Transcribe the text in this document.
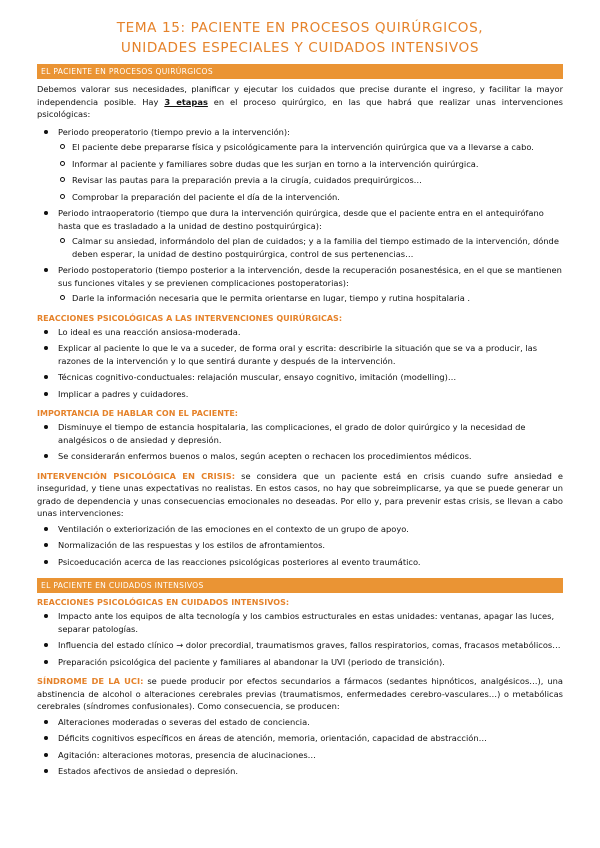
TEMA 15: PACIENTE EN PROCESOS QUIRÚRGICOS,
UNIDADES ESPECIALES Y CUIDADOS INTENSIVOS
EL PACIENTE EN PROCESOS QUIRÚRGICOS

Debemos valorar sus necesidades, planificar y ejecutar los cuidados que precise durante el ingreso, y facilitar la mayor independencia posible. Hay 3 etapas en el proceso quirúrgico, en las que habrá que realizar unas intervenciones psicológicas:

Periodo preoperatorio (tiempo previo a la intervención):
El paciente debe prepararse física y psicológicamente para la intervención quirúrgica que va a llevarse a cabo.
Informar al paciente y familiares sobre dudas que les surjan en torno a la intervención quirúrgica.
Revisar las pautas para la preparación previa a la cirugía, cuidados prequirúrgicos…
Comprobar la preparación del paciente el día de la intervención.
Periodo intraoperatorio (tiempo que dura la intervención quirúrgica, desde que el paciente entra en el antequirófano hasta que es trasladado a la unidad de destino postquirúrgica):
Calmar su ansiedad, informándolo del plan de cuidados; y a la familia del tiempo estimado de la intervención, dónde deben esperar, la unidad de destino postquirúrgica, control de sus pertenencias…
Periodo postoperatorio (tiempo posterior a la intervención, desde la recuperación posanestésica, en el que se mantienen sus funciones vitales y se previenen complicaciones postoperatorias):
Darle la información necesaria que le permita orientarse en lugar, tiempo y rutina hospitalaria .
REACCIONES PSICOLÓGICAS A LAS INTERVENCIONES QUIRÚRGICAS:
Lo ideal es una reacción ansiosa-moderada.
Explicar al paciente lo que le va a suceder, de forma oral y escrita: describirle la situación que se va a producir, las razones de la intervención y lo que sentirá durante y después de la intervención.
Técnicas cognitivo-conductuales: relajación muscular, ensayo cognitivo, imitación (modelling)…
Implicar a padres y cuidadores.
IMPORTANCIA DE HABLAR CON EL PACIENTE:
Disminuye el tiempo de estancia hospitalaria, las complicaciones, el grado de dolor quirúrgico y la necesidad de analgésicos o de ansiedad y depresión.
Se considerarán enfermos buenos o malos, según acepten o rechacen los procedimientos médicos.

INTERVENCIÓN PSICOLÓGICA EN CRISIS: se considera que un paciente está en crisis cuando sufre ansiedad e inseguridad, y tiene unas expectativas no realistas. En estos casos, no hay que sobreimplicarse, ya que se puede generar un grado de dependencia y unas consecuencias emocionales no deseadas. Por ello y, para prevenir estas crisis, se llevan a cabo unas intervenciones:

Ventilación o exteriorización de las emociones en el contexto de un grupo de apoyo.
Normalización de las respuestas y los estilos de afrontamientos.
Psicoeducación acerca de las reacciones psicológicas posteriores al evento traumático.
EL PACIENTE EN CUIDADOS INTENSIVOS
REACCIONES PSICOLÓGICAS EN CUIDADOS INTENSIVOS:
Impacto ante los equipos de alta tecnología y los cambios estructurales en estas unidades: ventanas, apagar las luces, separar patologías.
Influencia del estado clínico → dolor precordial, traumatismos graves, fallos respiratorios, comas, fracasos metabólicos…
Preparación psicológica del paciente y familiares al abandonar la UVI (periodo de transición).

SÍNDROME DE LA UCI: se puede producir por efectos secundarios a fármacos (sedantes hipnóticos, analgésicos…), una abstinencia de alcohol o alteraciones cerebrales previas (traumatismos, enfermedades cerebro-vasculares…) o metabólicas cerebrales (síndromes confusionales). Como consecuencia, se producen:

Alteraciones moderadas o severas del estado de conciencia.
Déficits cognitivos específicos en áreas de atención, memoria, orientación, capacidad de abstracción…
Agitación: alteraciones motoras, presencia de alucinaciones…
Estados afectivos de ansiedad o depresión.
